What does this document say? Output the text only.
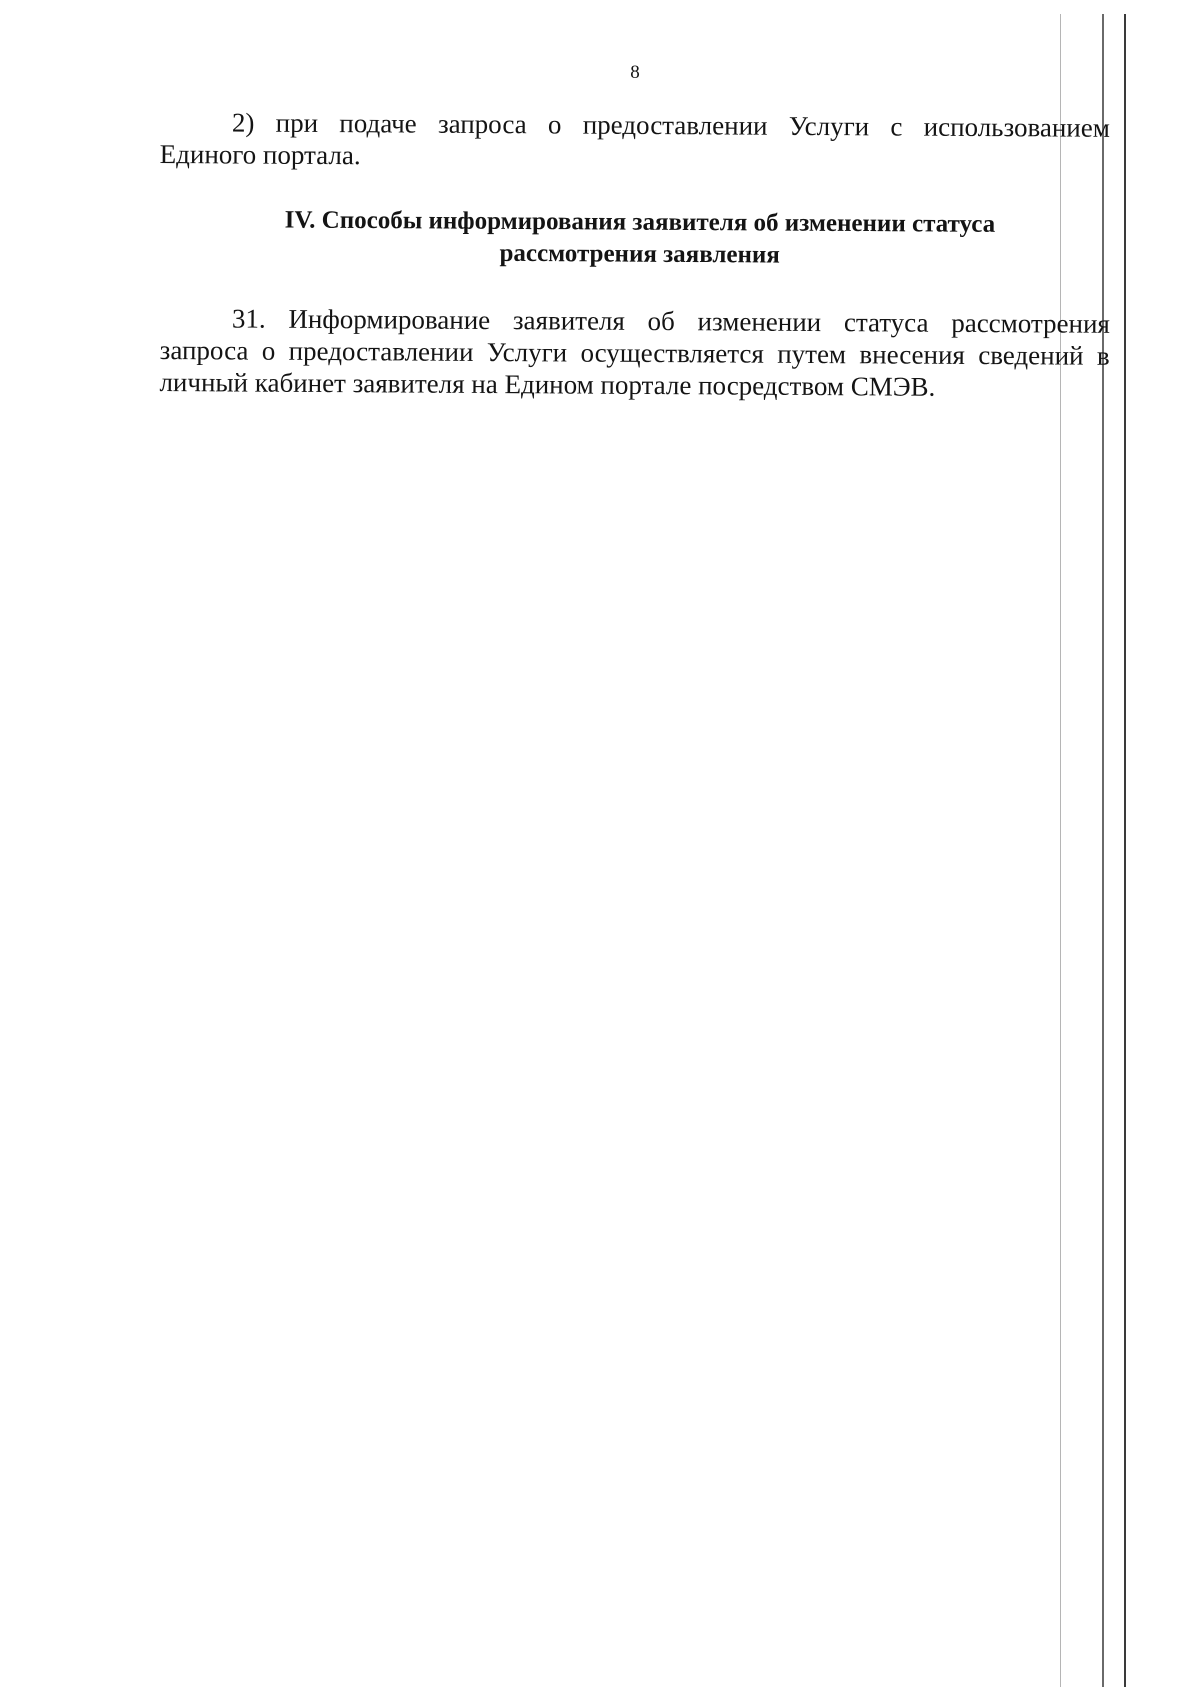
8
2) при подаче запроса о предоставлении Услуги с использованием
Единого портала.
IV. Способы информирования заявителя об изменении статуса
рассмотрения заявления
31. Информирование заявителя об изменении статуса рассмотрения
запроса о предоставлении Услуги осуществляется путем внесения сведений в
личный кабинет заявителя на Едином портале посредством СМЭВ.
